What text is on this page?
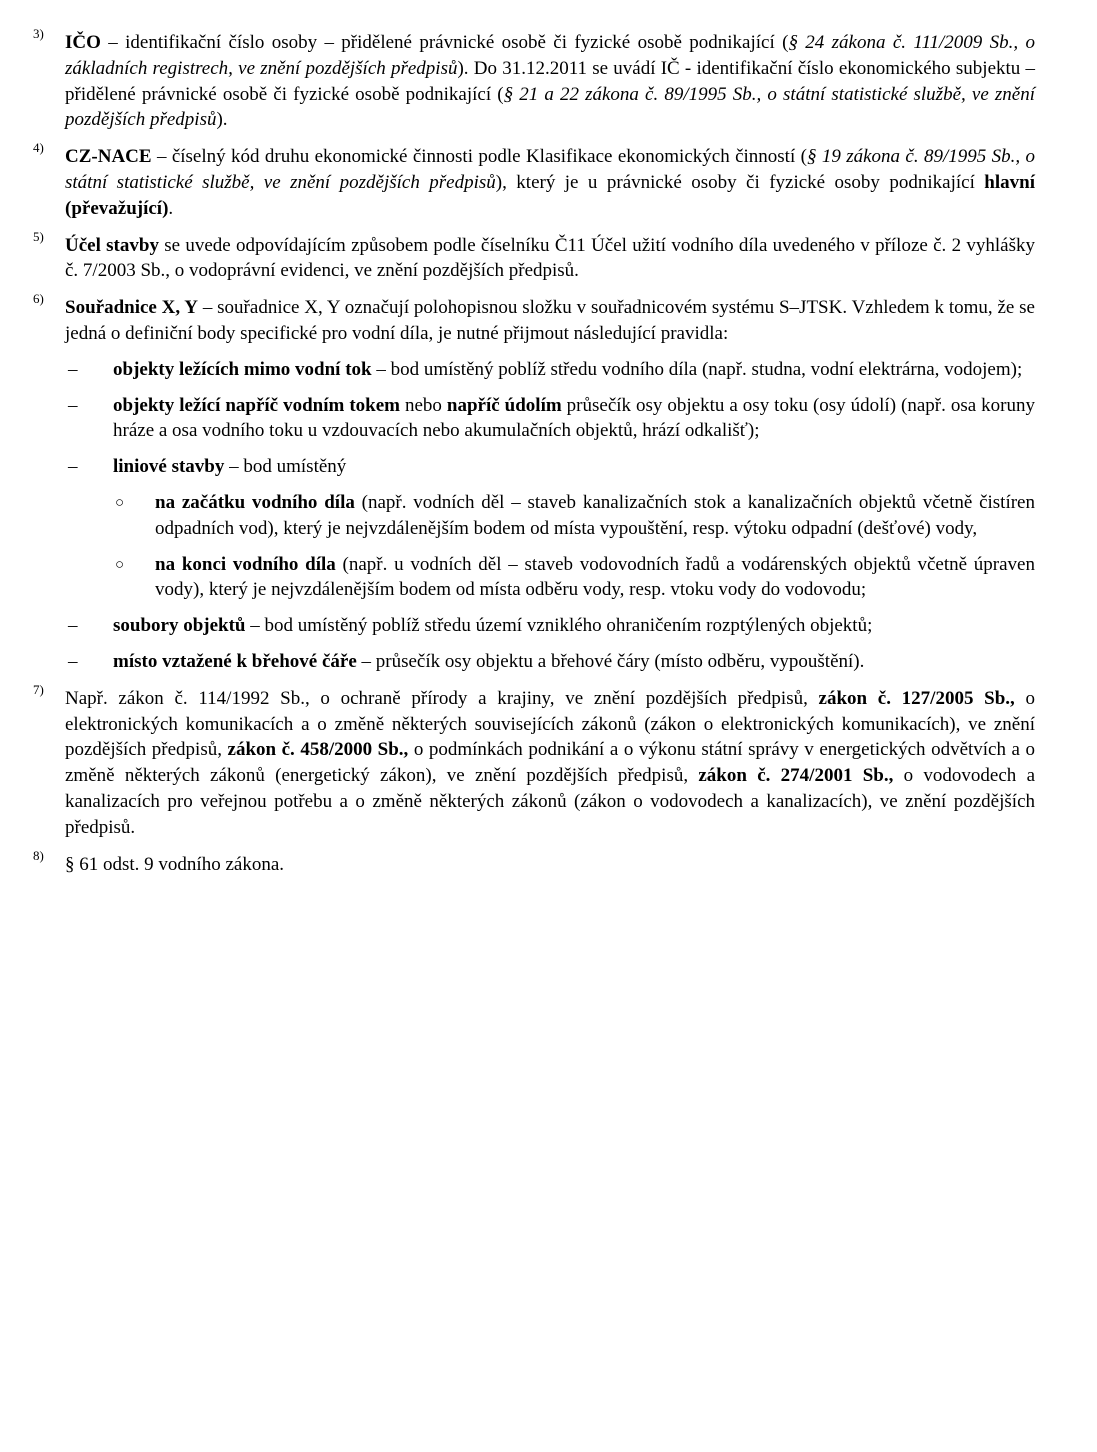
3) IČO – identifikační číslo osoby – přidělené právnické osobě či fyzické osobě podnikající (§ 24 zákona č. 111/2009 Sb., o základních registrech, ve znění pozdějších předpisů). Do 31.12.2011 se uvádí IČ - identifikační číslo ekonomického subjektu – přidělené právnické osobě či fyzické osobě podnikající (§ 21 a 22 zákona č. 89/1995 Sb., o státní statistické službě, ve znění pozdějších předpisů).
4) CZ-NACE – číselný kód druhu ekonomické činnosti podle Klasifikace ekonomických činností (§ 19 zákona č. 89/1995 Sb., o státní statistické službě, ve znění pozdějších předpisů), který je u právnické osoby či fyzické osoby podnikající hlavní (převažující).
5) Účel stavby se uvede odpovídajícím způsobem podle číselníku Č11 Účel užití vodního díla uvedeného v příloze č. 2 vyhlášky č. 7/2003 Sb., o vodoprávní evidenci, ve znění pozdějších předpisů.
6) Souřadnice X, Y – souřadnice X, Y označují polohopisnou složku v souřadnicovém systému S–JTSK. Vzhledem k tomu, že se jedná o definiční body specifické pro vodní díla, je nutné přijmout následující pravidla:
– objekty ležících mimo vodní tok – bod umístěný poblíž středu vodního díla (např. studna, vodní elektrárna, vodojem);
– objekty ležící napříč vodním tokem nebo napříč údolím průsečík osy objektu a osy toku (osy údolí) (např. osa koruny hráze a osa vodního toku u vzdouvacích nebo akumulačních objektů, hrází odkališť);
– liniové stavby – bod umístěný
○ na začátku vodního díla (např. vodních děl – staveb kanalizačních stok a kanalizačních objektů včetně čistíren odpadních vod), který je nejvzdálenějším bodem od místa vypouštění, resp. výtoku odpadní (dešťové) vody,
○ na konci vodního díla (např. u vodních děl – staveb vodovodních řadů a vodárenských objektů včetně úpraven vody), který je nejvzdálenějším bodem od místa odběru vody, resp. vtoku vody do vodovodu;
– soubory objektů – bod umístěný poblíž středu území vzniklého ohraničením rozptýlených objektů;
– místo vztažené k břehové čáře – průsečík osy objektu a břehové čáry (místo odběru, vypouštění).
7) Např. zákon č. 114/1992 Sb., o ochraně přírody a krajiny, ve znění pozdějších předpisů, zákon č. 127/2005 Sb., o elektronických komunikacích a o změně některých souvisejících zákonů (zákon o elektronických komunikacích), ve znění pozdějších předpisů, zákon č. 458/2000 Sb., o podmínkách podnikání a o výkonu státní správy v energetických odvětvích a o změně některých zákonů (energetický zákon), ve znění pozdějších předpisů, zákon č. 274/2001 Sb., o vodovodech a kanalizacích pro veřejnou potřebu a o změně některých zákonů (zákon o vodovodech a kanalizacích), ve znění pozdějších předpisů.
8) § 61 odst. 9 vodního zákona.
